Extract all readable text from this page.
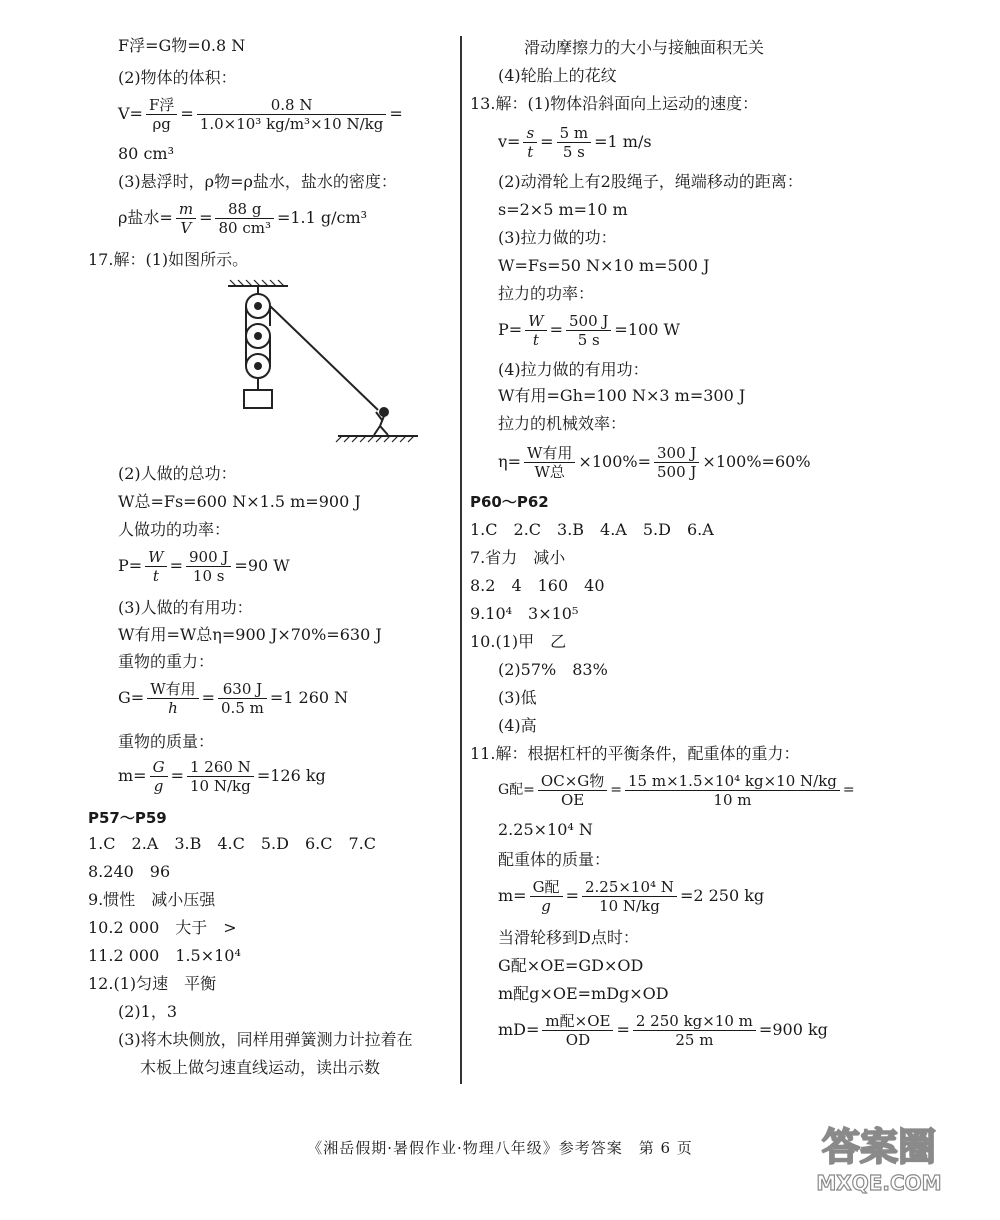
F浮=G物=0.8 N
(2)物体的体积：
$V= \frac{\text{F浮}}{\rho g} = \frac{0.8 N}{\text{1.0×10³ kg/m³×10 N/kg}}$ =
80 cm³
(3)悬浮时，ρ物=ρ盐水，盐水的密度：
ρ盐水= $\frac{m}{V} = \frac{88 g}{\text{80 cm³}} =1.1$ g/cm³
17.解：(1)如图所示。
(2)人做的总功：
W总=Fs=600 N×1.5 m=900 J
人做功的功率：
$P= \frac{W}{t} = \frac{900 J}{10 s} =90$ W
(3)人做的有用功：
W有用=W总η=900 J×70%=630 J
重物的重力：
$G= \frac{\text{W有用}}{h} = \frac{630 J}{0.5 m} =1$ 260 N
重物的质量：
$m= \frac{G}{g} = \frac{1 260 N}{10 N/kg} =126$ kg
P57～P59
1.C　2.A　3.B　4.C　5.D　6.C　7.C
8.240　96
9.惯性　减小压强
10.2 000　大于　>
11.2 000　1.5×10⁴
12.(1)匀速　平衡
(2)1，3
(3)将木块侧放，同样用弹簧测力计拉着在
木板上做匀速直线运动，读出示数
滑动摩擦力的大小与接触面积无关
(4)轮胎上的花纹
13.解：(1)物体沿斜面向上运动的速度：
$v= \frac{s}{t} = \frac{5 m}{5 s} =1$ m/s
(2)动滑轮上有2股绳子，绳端移动的距离：
s=2×5 m=10 m
(3)拉力做的功：
W=Fs=50 N×10 m=500 J
拉力的功率：
$P= \frac{W}{t} = \frac{500 J}{5 s} =100$ W
(4)拉力做的有用功：
W有用=Gh=100 N×3 m=300 J
拉力的机械效率：
$\eta= \frac{\text{W有用}}{\text{W总}} \times 100\%= \frac{300 J}{500 J} \times 100\%=60\%$
P60～P62
1.C　2.C　3.B　4.A　5.D　6.A
7.省力　减小
8.2　4　160　40
9.10⁴　3×10⁵
10.(1)甲　乙
(2)57%　83%
(3)低
(4)高
11.解：根据杠杆的平衡条件，配重体的重力：
G配= $\frac{\text{OC×G物}}{OE} = \frac{\text{15 m×1.5×10⁴ kg×10 N/kg}}{10 m}$ =
2.25×10⁴ N
配重体的质量：
$m= \frac{\text{G配}}{g} = \frac{\text{2.25×10⁴ N}}{10 N/kg} =2$ 250 kg
当滑轮移到D点时：
G配×OE=GD×OD
m配g×OE=mDg×OD
$mD= \frac{\text{m配×OE}}{OD} = \frac{2 250 kg\times 10 m}{25 m} =900$ kg
《湘岳假期·暑假作业·物理八年级》参考答案　第 6 页	答案圈
MXQE.COM
